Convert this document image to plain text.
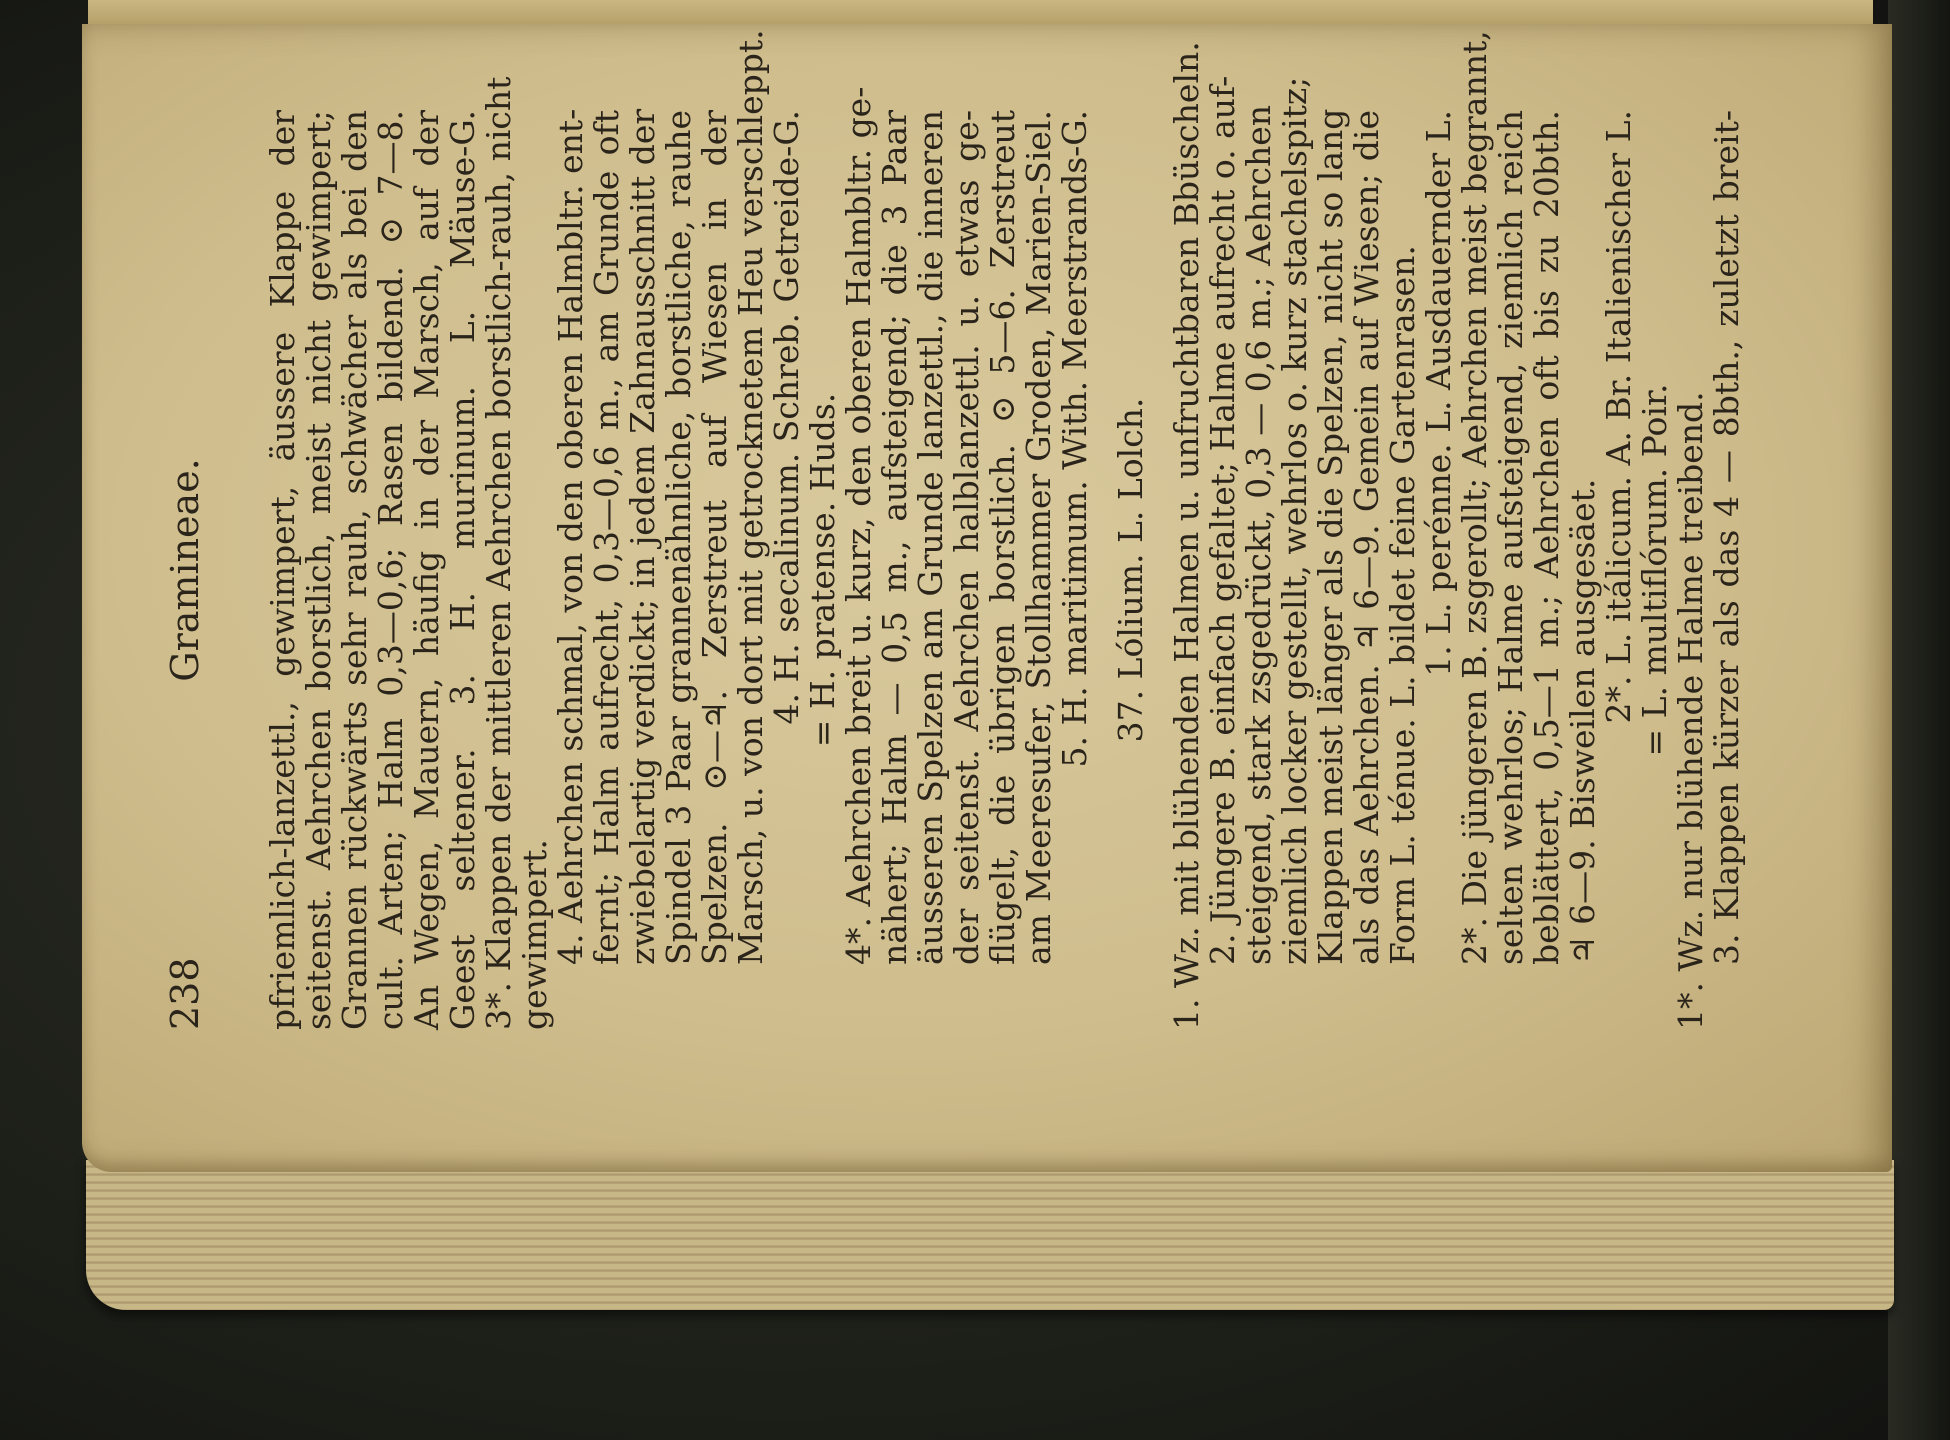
238
Gramineae. pfriemlich-lanzettl., gewimpert, äussere Klappe der
seitenst. Aehrchen borstlich, meist nicht gewimpert;
Grannen rückwärts sehr rauh, schwächer als bei den
cult. Arten; Halm 0,3—0,6; Rasen bildend. ⊙ 7—8.
An Wegen, Mauern, häufig in der Marsch, auf der
Geest seltener. 3. H. murinum. L. Mäuse-G.
3*. Klappen der mittleren Aehrchen borstlich-rauh, nicht
gewimpert.
4. Aehrchen schmal, von den oberen Halmbltr. ent-
fernt; Halm aufrecht, 0,3—0,6 m., am Grunde oft
zwiebelartig verdickt; in jedem Zahnausschnitt der
Spindel 3 Paar grannenähnliche, borstliche, rauhe
Spelzen. ⊙—♃. Zerstreut auf Wiesen in der
Marsch, u. von dort mit getrocknetem Heu verschleppt.
4. H. secalinum. Schreb. Getreide-G.
= H. pratense. Huds.
4*. Aehrchen breit u. kurz, den oberen Halmbltr. ge-
nähert; Halm — 0,5 m., aufsteigend; die 3 Paar
äusseren Spelzen am Grunde lanzettl., die inneren
der seitenst. Aehrchen halblanzettl. u. etwas ge-
flügelt, die übrigen borstlich. ⊙ 5—6. Zerstreut
am Meeresufer, Stollhammer Groden, Marien-Siel.
5. H. maritimum. With. Meerstrands-G. 37. Lólium. L. Lolch. 1. Wz. mit blühenden Halmen u. unfruchtbaren Bbüscheln.
2. Jüngere B. einfach gefaltet; Halme aufrecht o. auf-
steigend, stark zsgedrückt, 0,3 — 0,6 m.; Aehrchen
ziemlich locker gestellt, wehrlos o. kurz stachelspitz;
Klappen meist länger als die Spelzen, nicht so lang
als das Aehrchen. ♃ 6—9. Gemein auf Wiesen; die
Form L. ténue. L. bildet feine Gartenrasen.
1. L. perénne. L. Ausdauernder L.
2*. Die jüngeren B. zsgerollt; Aehrchen meist begrannt,
selten wehrlos; Halme aufsteigend, ziemlich reich
beblättert, 0,5—1 m.; Aehrchen oft bis zu 20bth.
♃ 6—9. Bisweilen ausgesäet.
2*. L. itálicum. A. Br. Italienischer L.
= L. multiflórum. Poir.
1*. Wz. nur blühende Halme treibend.
3. Klappen kürzer als das 4 — 8bth., zuletzt breit-
